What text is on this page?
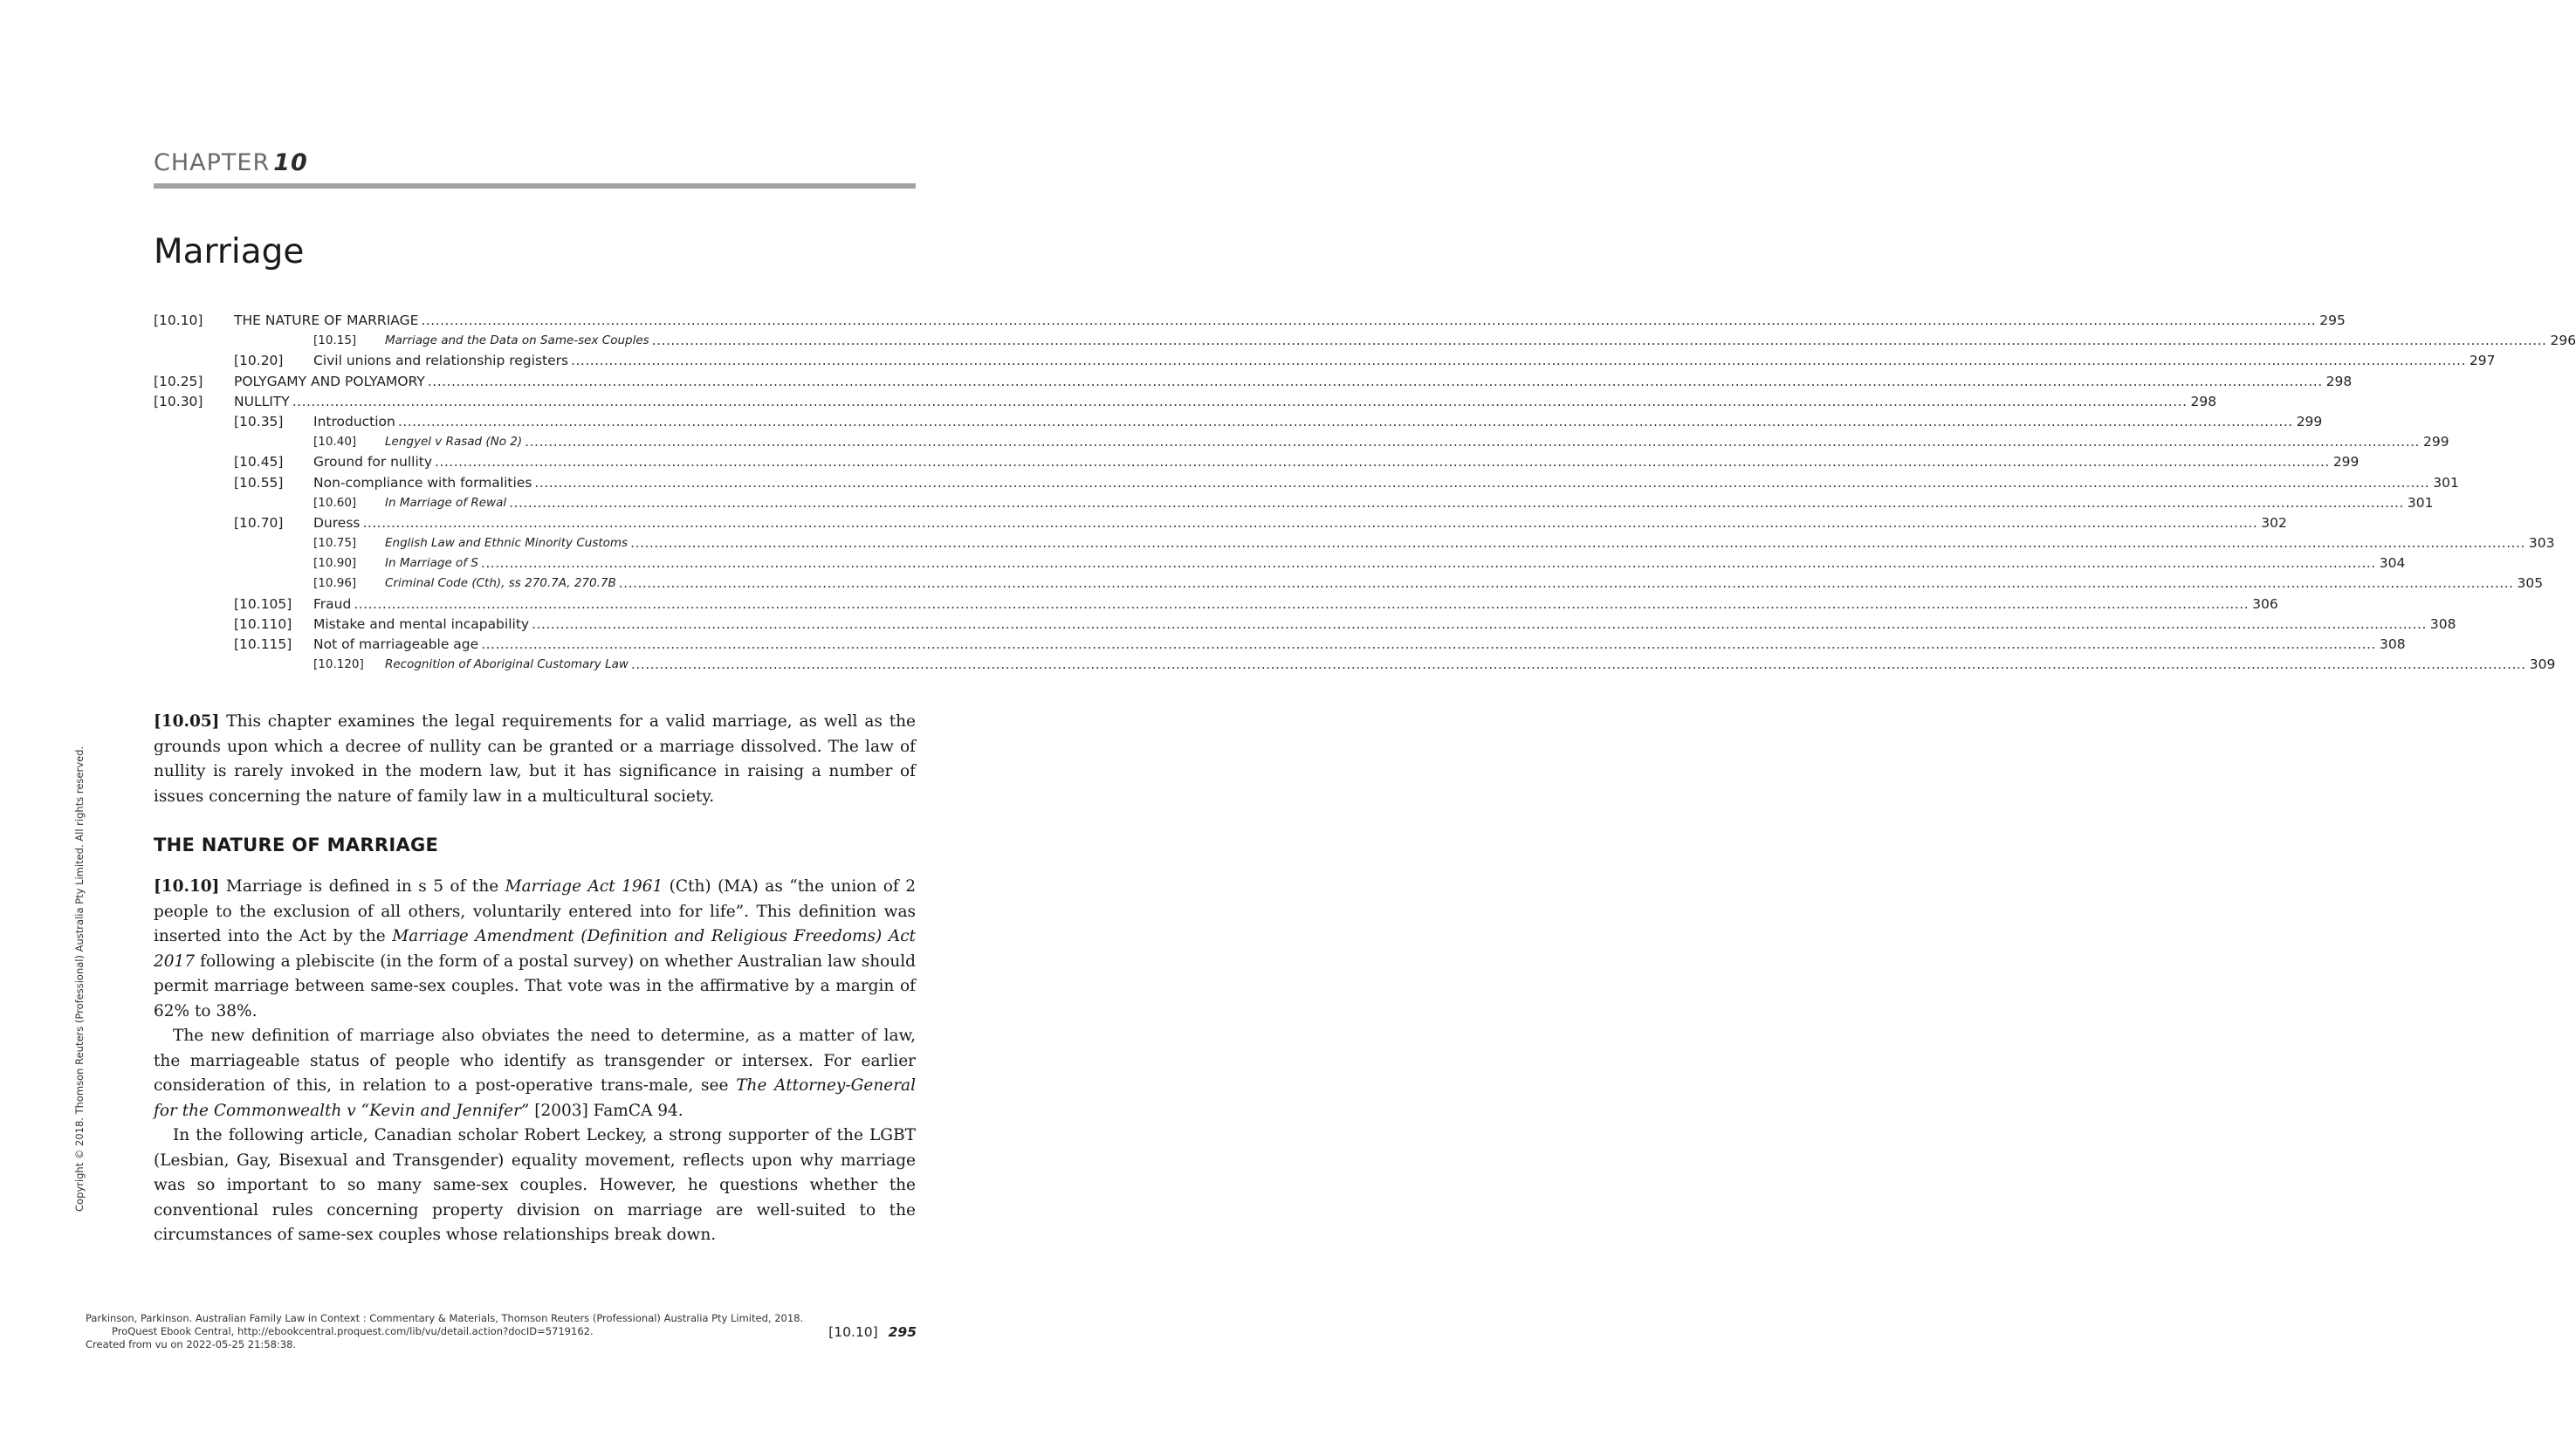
CHAPTER 10
Marriage
[10.10] THE NATURE OF MARRIAGE ................................................................................................................................................................................................................................................................................................................................................................................................................ 295
[10.15] Marriage and the Data on Same-sex Couples ................................................................................................................................................................................................................................................................................................................................................................................................................ 296
[10.20] Civil unions and relationship registers ................................................................................................................................................................................................................................................................................................................................................................................................................ 297
[10.25] POLYGAMY AND POLYAMORY ................................................................................................................................................................................................................................................................................................................................................................................................................ 298
[10.30] NULLITY ................................................................................................................................................................................................................................................................................................................................................................................................................ 298
[10.35] Introduction ................................................................................................................................................................................................................................................................................................................................................................................................................ 299
[10.40] Lengyel v Rasad (No 2) ................................................................................................................................................................................................................................................................................................................................................................................................................ 299
[10.45] Ground for nullity ................................................................................................................................................................................................................................................................................................................................................................................................................ 299
[10.55] Non-compliance with formalities ................................................................................................................................................................................................................................................................................................................................................................................................................ 301
[10.60] In Marriage of Rewal ................................................................................................................................................................................................................................................................................................................................................................................................................ 301
[10.70] Duress ................................................................................................................................................................................................................................................................................................................................................................................................................ 302
[10.75] English Law and Ethnic Minority Customs ................................................................................................................................................................................................................................................................................................................................................................................................................ 303
[10.90] In Marriage of S ................................................................................................................................................................................................................................................................................................................................................................................................................ 304
[10.96] Criminal Code (Cth), ss 270.7A, 270.7B ................................................................................................................................................................................................................................................................................................................................................................................................................ 305
[10.105] Fraud ................................................................................................................................................................................................................................................................................................................................................................................................................ 306
[10.110] Mistake and mental incapability ................................................................................................................................................................................................................................................................................................................................................................................................................ 308
[10.115] Not of marriageable age ................................................................................................................................................................................................................................................................................................................................................................................................................ 308
[10.120] Recognition of Aboriginal Customary Law ................................................................................................................................................................................................................................................................................................................................................................................................................ 309

[10.05] This chapter examines the legal requirements for a valid marriage, as well as the grounds upon which a decree of nullity can be granted or a marriage dissolved. The law of nullity is rarely invoked in the modern law, but it has significance in raising a number of issues concerning the nature of family law in a multicultural society.

THE NATURE OF MARRIAGE

[10.10] Marriage is defined in s 5 of the Marriage Act 1961 (Cth) (MA) as “the union of 2 people to the exclusion of all others, voluntarily entered into for life”. This definition was inserted into the Act by the Marriage Amendment (Definition and Religious Freedoms) Act 2017 following a plebiscite (in the form of a postal survey) on whether Australian law should permit marriage between same-sex couples. That vote was in the affirmative by a margin of 62% to 38%.

The new definition of marriage also obviates the need to determine, as a matter of law, the marriageable status of people who identify as transgender or intersex. For earlier consideration of this, in relation to a post-operative trans-male, see The Attorney-General for the Commonwealth v “Kevin and Jennifer” [2003] FamCA 94.

In the following article, Canadian scholar Robert Leckey, a strong supporter of the LGBT (Lesbian, Gay, Bisexual and Transgender) equality movement, reflects upon why marriage was so important to so many same-sex couples. However, he questions whether the conventional rules concerning property division on marriage are well-suited to the circumstances of same-sex couples whose relationships break down.

Copyright © 2018. Thomson Reuters (Professional) Australia Pty Limited. All rights reserved.
Parkinson, Parkinson. Australian Family Law in Context : Commentary & Materials, Thomson Reuters (Professional) Australia Pty Limited, 2018.
ProQuest Ebook Central, http://ebookcentral.proquest.com/lib/vu/detail.action?docID=5719162.
Created from vu on 2022-05-25 21:58:38.
[10.10] 295
